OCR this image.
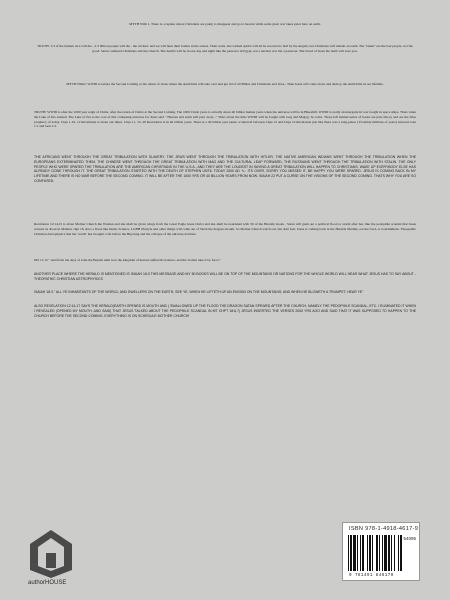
MYTH NO# 1. There is a rapture where Christians are going to disappear and go to heaven while some great war takes place here on earth.

TRUTH: 1/3 of the human race will die - 2.3 billion people will die - the wicked- and we will burn their bodies in the streets. Their souls -the wicked spirits will all be escorted to hell by the Angels, but Christians will remain on earth. The "taken" are the bad people- not the good. Satan confused Christians and the Church. The death's will be in one day and night like the passover in Egypt, not a nuclear war but a passover. The blood of Jesus the lamb will save you.

MYTH NO#2. WWIII is before the Second Coming or the return of Jesus where the AntiChrist will take over and get rid of all Bibles and Christians and Jews.- Then Jesus will come down and destroy the AntiChrist in our lifetime.

TRUTH: WWIII is after the 1000 year reign of Christ, after the return of Christ at the Second Coming. The 1000 Christ years is actually about 40 billion human years when the universe will be in Blueshift. WWIII is really an intergalactic war fought in space ships. Thats when the Lake of fire existed. The Lake of fire is the core of this collapsing universe for Jesus said " Heaven and earth will pass away..." Thats about the time WWIII will be fought with Gog and Magog. So relax. Those left behind series of books are pure idiocy and are the false prophecy of today. Chps 1-10, 12 Revelation is about our times. Chps 11, 13- 20 Revelation is in 40 billion years. There is a 40 billion year pause or interval between Chps 12 and Chps 13 Revelation just like there was a long-pause ( Probably millions of years) between Gen 1:1 and Gen 1:2.

THE AFRICANS WENT THROUGH THE GREAT TRIBULATION WITH SLAVERY, THE JEWS WENT THROUGH THE TRIBULATION WITH HITLER, THE NATIVE AMERICAN INDIANS WENT THROUGH THE TRIBULATION WHEN THE EUROPEANS EXTERMINATED THEM, THE CHINESE WENT THROUGH THE GREAT TRIBULATION WITH MAO AND THE CULTURAL LEAP FORWARD, THE RUSSIANS WENT THROUGH THE TRIBULATION WITH STALIN. THE ONLY PEOPLE WHO WERE SPARED THE TRIBULATION ARE THE AMERICAN CHRISTIANS IN THE U.S.A., AND THEY ARE THE LOUDEST IN SAYING A GREAT TRIBULATION WILL HAPPEN TO CHRISTIANS. WAKE UP EVERYBODY ELSE HAS ALREADY GONE THROUGH IT. THE GREAT TRIBULATION STARTED WITH THE DEATH OF STEPHEN UNTIL TODAY 2000 AD +/-. ITS OVER, SORRY YOU MISSED IT, BE HAPPY YOU WERE SPARED. JESUS IS COMING BACK IN MY LIFETIME AND THERE IS NO WAR BEFORE THE SECOND COMING. IT WILL BE AFTER THE 1000 YRS OR 40 BILLION YEARS FROM NOW. ISAIAH 22 PUT A CURSE ON THE VISIONS OF THE SECOND COMING. THATS WHY YOU ARE SO CONFUSED.

Revelation 12:14,15 is about Mother Church the Woman and she shall be given wings from the Great Eagle Jesus Christ and she shall be nourished with 50 of the Heralds books . Satan will gush out a political flood or storm after her, like the pedophile scandal that Jesus warned us about in Mathew chpt 18. Also a flood like Islam, Science, LGBH lifestyle and other things will come out of Satan the dragons mouth. So Mother Church watch out, but dont fear, Jesus is coming back in the Heralds lifetime, eat the food, or nourishment- Theopathic Christian Astrophysics that the "earth" has brought. Life before the Big bang and the collapse of the universe doctrine.

MT 11:12 " And from the days of John the Baptist until now the kingdom of heaven suffereth violence, and the violent take it by force."

ANOTHER PLACE WHERE THE HERALD IS MENTIONED IS ISAIAH 18:3 THIS MESSAGE AND MY 50 BOOKS WILL BE ON TOP OF THE MOUNTAINS OR NATIONS FOR THE WHOLE WORLD WILL HEAR WHAT JESUS HAS TO SAY ABOUT -THEOPATHIC CHRISTIAN ASTROPHYSICS

ISAIAH 18:3 " ALL YE INHABITANTS OF THE WORLD, AND DWELLERS ON THE EARTH, SEE YE, WHEN HE LIFTETH UP AN ENSIGN ON THE MOUNTAINS; AND WHEN HE BLOWETH A TRUMPET, HEAR YE"

ALSO REVELATION 12:14-17 SAYS THE HERALD(EARTH OPENED IS MOUTH AND ) SWALLOWED UP THE FLOOD THE DRAGON SATAN SPEWED AFTER THE CHURCH, NAMELY THE PEDOPHILE SCANDAL, ETC. I ELIMINATED IT WHEN I REVEALED (OPENED MY MOUTH, AND SAID) THAT JESUS TALKED ABOUT THE PEDOPHILE SCANDAL IN MT CHPT 18:6,7) JESUS INSERTED THE VERSES 2000 YRS AGO AND SAID THAT IT WAS SUPPOSED TO HAPPEN TO THE CHURCH BEFORE THE SECOND COMING. EVERYTHING IS ON SCHEDULE MOTHER CHURCH!

authorHOUSE
ISBN 978-1-4918-4617-9
54095
9 781491 846179
